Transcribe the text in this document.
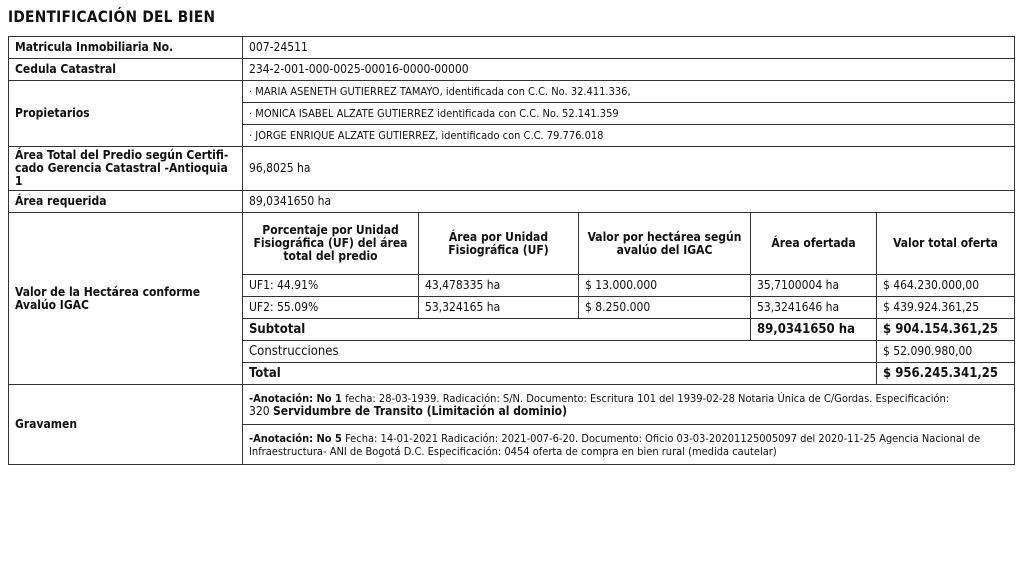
IDENTIFICACIÓN DEL BIEN
Matricula Inmobiliaria No.	007-24511				
Cedula Catastral	234-2-001-000-0025-00016-0000-00000				
Propietarios	· MARIA ASENETH GUTIERREZ TAMAYO, identificada con C.C. No. 32.411.336,				
	· MONICA ISABEL ALZATE GUTIERREZ identificada con C.C. No. 52.141.359				
	· JORGE ENRIQUE ALZATE GUTIERREZ, identificado con C.C. 79.776.018				
Área Total del Predio según Certifi-
cado Gerencia Catastral -Antioquia 1	96,8025 ha				
Área requerida	89,0341650 ha				
Valor de la Hectárea conforme Avalúo IGAC	Porcentaje por Unidad Fisiográfica (UF) del área total del predio	Área por Unidad Fisiográfica (UF)	Valor por hectárea según avalúo del IGAC	Área ofertada	Valor total oferta
	UF1: 44.91%	43,478335 ha	$ 13.000.000	35,7100004 ha	$ 464.230.000,00
	UF2: 55.09%	53,324165 ha	$ 8.250.000	53,3241646 ha	$ 439.924.361,25
	Subtotal			89,0341650 ha	$ 904.154.361,25
	Construcciones				$ 52.090.980,00
	Total				$ 956.245.341,25
Gravamen	-Anotación: No 1 fecha: 28-03-1939. Radicación: S/N. Documento: Escritura 101 del 1939-02-28 Notaria Única de C/Gordas. Especificación:
320 Servidumbre de Transito (Limitación al dominio)				
	-Anotación: No 5 Fecha: 14-01-2021 Radicación: 2021-007-6-20. Documento: Oficio 03-03-20201125005097 del 2020-11-25 Agencia Nacional de Infraestructura- ANI de Bogotá D.C. Especificación: 0454 oferta de compra en bien rural (medida cautelar)				
